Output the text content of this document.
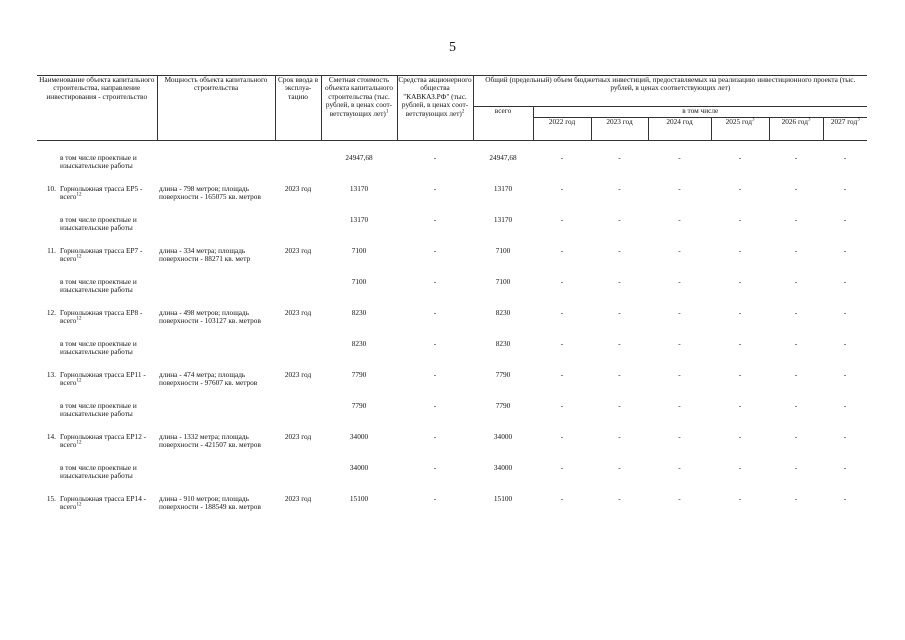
5
Наименование объекта капитального строительства, направление инвестирования - строительство		Мощность объекта капитального строительства	Срок ввода в эксплуа-тацию	Сметная стоимость объекта капитального строительства (тыс. рублей, в ценах соот-ветствующих лет)$^1$	Средства акционерного общества "КАВКАЗ.РФ" (тыс. рублей, в ценах соот-ветствующих лет)$^2$	Общий (предельный) объем бюджетных инвестиций, предоставляемых на реализацию инвестиционного проекта (тыс. рублей, в ценах соответствующих лет)						
						всего	в том числе					
							2022 год	2023 год	2024 год	2025 год$^3$	2026 год$^3$	2027 год$^3$
	в том числе проектные и изыскательские работы			24947,68	-	24947,68	-	-	-	-	-	-
10.	Горнолыжная трасса ЕР5 - всего$^{12}$	длина - 798 метров; площадь поверхности - 165075 кв. метров	2023 год	13170	-	13170	-	-	-	-	-	-
	в том числе проектные и изыскательские работы			13170	-	13170	-	-	-	-	-	-
11.	Горнолыжная трасса ЕР7 - всего$^{12}$	длина - 334 метра; площадь поверхности - 88271 кв. метр	2023 год	7100	-	7100	-	-	-	-	-	-
	в том числе проектные и изыскательские работы			7100	-	7100	-	-	-	-	-	-
12.	Горнолыжная трасса ЕР8 - всего$^{12}$	длина - 498 метров; площадь поверхности - 103127 кв. метров	2023 год	8230	-	8230	-	-	-	-	-	-
	в том числе проектные и изыскательские работы			8230	-	8230	-	-	-	-	-	-
13.	Горнолыжная трасса ЕР11 - всего$^{12}$	длина - 474 метра; площадь поверхности - 97607 кв. метров	2023 год	7790	-	7790	-	-	-	-	-	-
	в том числе проектные и изыскательские работы			7790	-	7790	-	-	-	-	-	-
14.	Горнолыжная трасса ЕР12 - всего$^{12}$	длина - 1332 метра; площадь поверхности - 421507 кв. метров	2023 год	34000	-	34000	-	-	-	-	-	-
	в том числе проектные и изыскательские работы			34000	-	34000	-	-	-	-	-	-
15.	Горнолыжная трасса ЕР14 - всего$^{12}$	длина - 910 метров; площадь поверхности - 188549 кв. метров	2023 год	15100	-	15100	-	-	-	-	-	-
